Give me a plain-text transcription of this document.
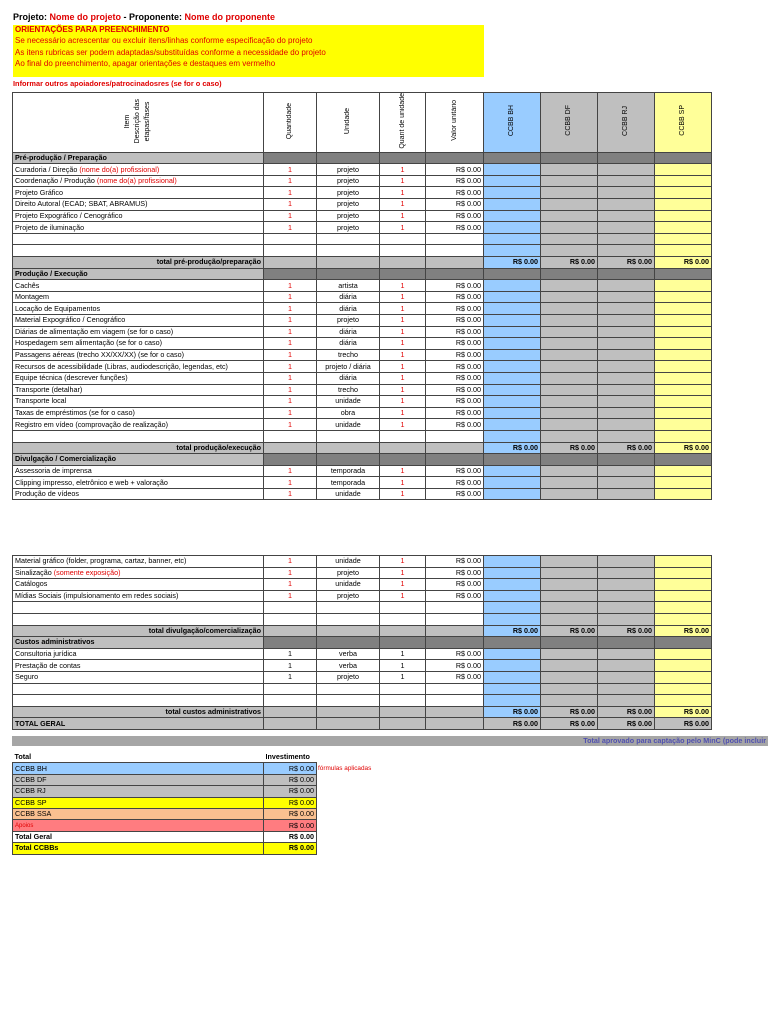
Projeto: Nome do projeto - Proponente: Nome do proponente
ORIENTAÇÕES PARA PREENCHIMENTO
Se necessário acrescentar ou excluir itens/linhas conforme especificação do projeto
As itens rubricas ser podem adaptadas/substituídas conforme a necessidade do projeto
Ao final do preenchimento, apagar orientações e destaques em vermelho
Informar outros apoiadores/patrocinadosres (se for o caso)
Item
Descrição das
etapas/fases	Quantidade	Unidade	Quant de unidade	Valor unitário	CCBB BH	CCBB DF	CCBB RJ	CCBB SP
Pré-produção / Preparação								
Curadoria / Direção (nome do(a) profissional)	1	projeto	1	R$ 0.00				
Coordenação / Produção (nome do(a) profissional)	1	projeto	1	R$ 0.00				
Projeto Gráfico	1	projeto	1	R$ 0.00				
Direito Autoral (ECAD; SBAT, ABRAMUS)	1	projeto	1	R$ 0.00				
Projeto Expográfico / Cenográfico	1	projeto	1	R$ 0.00				
Projeto de iluminação	1	projeto	1	R$ 0.00				

total pré-produção/preparação					R$ 0.00	R$ 0.00	R$ 0.00	R$ 0.00
Produção / Execução								
Cachês	1	artista	1	R$ 0.00				
Montagem	1	diária	1	R$ 0.00				
Locação de Equipamentos	1	diária	1	R$ 0.00				
Material Expográfico / Cenográfico	1	projeto	1	R$ 0.00				
Diárias de alimentação em viagem (se for o caso)	1	diária	1	R$ 0.00				
Hospedagem sem alimentação (se for o caso)	1	diária	1	R$ 0.00				
Passagens aéreas (trecho XX/XX/XX) (se for o caso)	1	trecho	1	R$ 0.00				
Recursos de acessibilidade (Libras, audiodescrição, legendas, etc)	1	projeto / diária	1	R$ 0.00				
Equipe técnica (descrever funções)	1	diária	1	R$ 0.00				
Transporte (detalhar)	1	trecho	1	R$ 0.00				
Transporte local	1	unidade	1	R$ 0.00				
Taxas de empréstimos (se for o caso)	1	obra	1	R$ 0.00				
Registro em vídeo (comprovação de realização)	1	unidade	1	R$ 0.00				

total produção/execução					R$ 0.00	R$ 0.00	R$ 0.00	R$ 0.00
Divulgação / Comercialização								
Assessoria de imprensa	1	temporada	1	R$ 0.00				
Clipping impresso, eletrônico e web + valoração	1	temporada	1	R$ 0.00				
Produção de vídeos	1	unidade	1	R$ 0.00				
Material gráfico (folder, programa, cartaz, banner, etc)	1	unidade	1	R$ 0.00				
Sinalização (somente exposição)	1	projeto	1	R$ 0.00				
Catálogos	1	unidade	1	R$ 0.00				
Mídias Sociais (impulsionamento em redes sociais)	1	projeto	1	R$ 0.00				

total divulgação/comercialização					R$ 0.00	R$ 0.00	R$ 0.00	R$ 0.00
Custos administrativos								
Consultoria jurídica	1	verba	1	R$ 0.00				
Prestação de contas	1	verba	1	R$ 0.00				
Seguro	1	projeto	1	R$ 0.00				

total custos administrativos					R$ 0.00	R$ 0.00	R$ 0.00	R$ 0.00
TOTAL GERAL					R$ 0.00	R$ 0.00	R$ 0.00	R$ 0.00
Total aprovado para captação pelo MinC (pode incluir
Total	Investimento
CCBB BH	R$ 0.00
CCBB DF	R$ 0.00
CCBB RJ	R$ 0.00
CCBB SP	R$ 0.00
CCBB SSA	R$ 0.00
Apoios	R$ 0.00
Total Geral	R$ 0.00
Total CCBBs	R$ 0.00
fórmulas aplicadas
